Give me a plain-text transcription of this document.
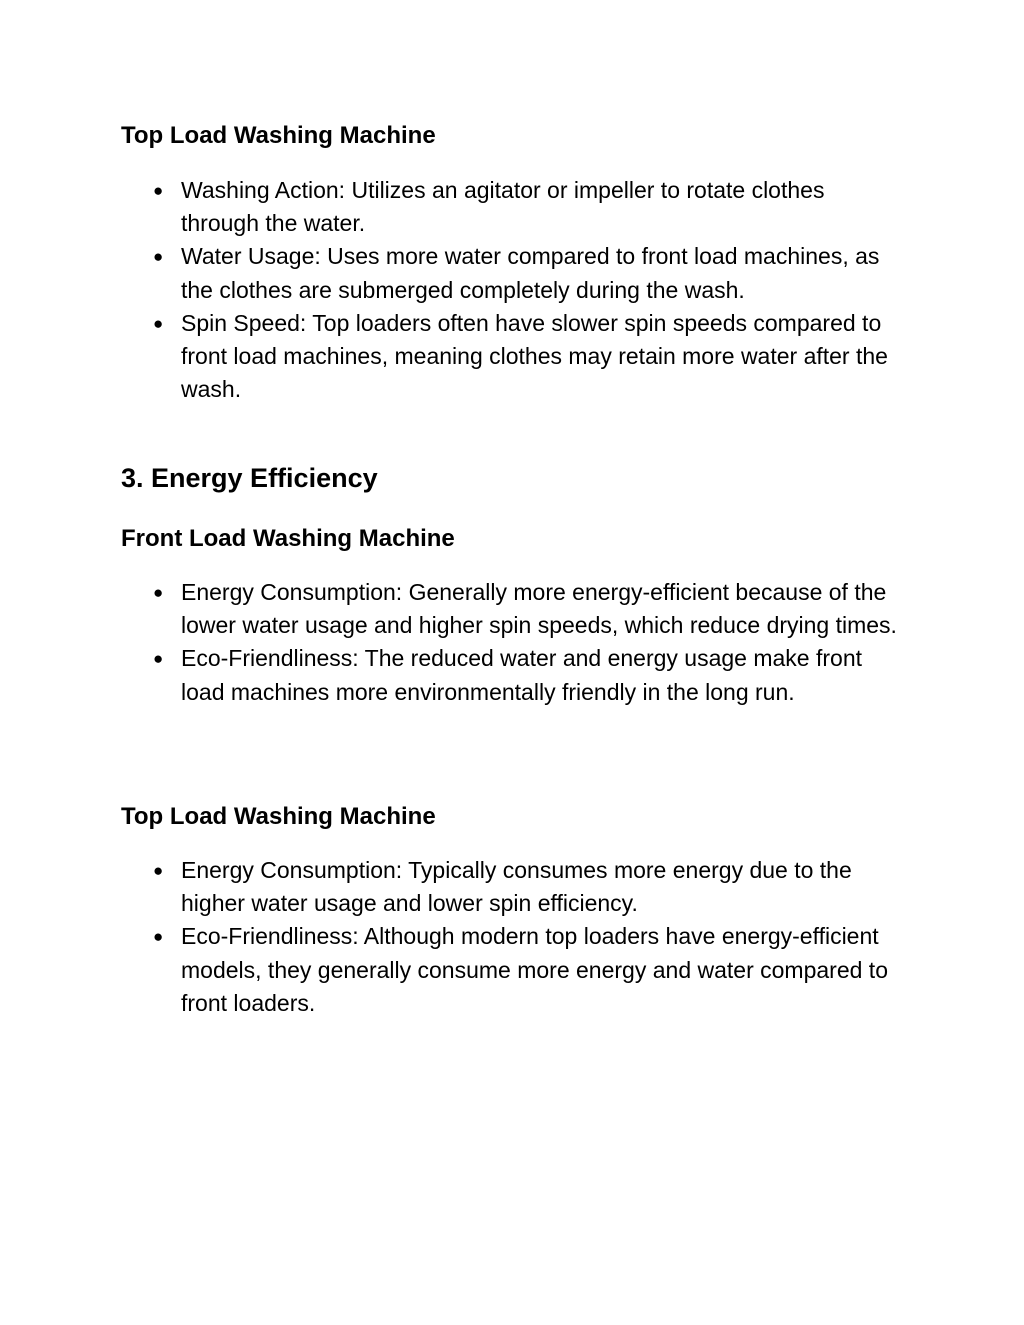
Top Load Washing Machine
● Washing Action: Utilizes an agitator or impeller to rotate clothes through the water.
● Water Usage: Uses more water compared to front load machines, as the clothes are submerged completely during the wash.
● Spin Speed: Top loaders often have slower spin speeds compared to front load machines, meaning clothes may retain more water after the wash.
3. Energy Efficiency
Front Load Washing Machine
● Energy Consumption: Generally more energy-efficient because of the lower water usage and higher spin speeds, which reduce drying times.
● Eco-Friendliness: The reduced water and energy usage make front load machines more environmentally friendly in the long run.
Top Load Washing Machine
● Energy Consumption: Typically consumes more energy due to the higher water usage and lower spin efficiency.
● Eco-Friendliness: Although modern top loaders have energy-efficient models, they generally consume more energy and water compared to front loaders.
